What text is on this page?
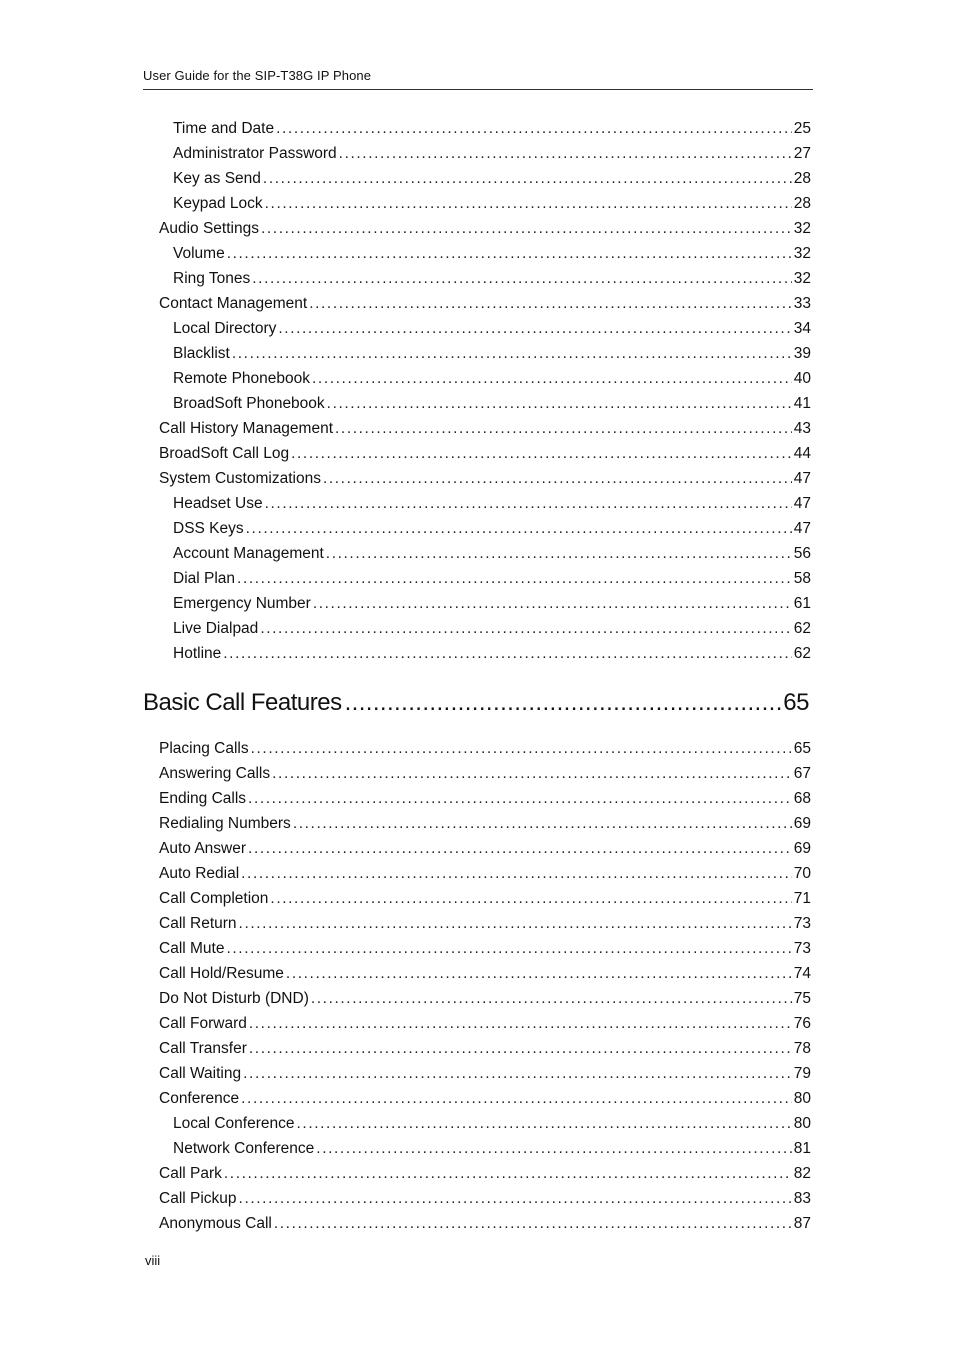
User Guide for the SIP-T38G IP Phone
Time and Date .....	25
Administrator Password .....	27
Key as Send .....	28
Keypad Lock .....	28
Audio Settings .....	32
Volume .....	32
Ring Tones .....	32
Contact Management .....	33
Local Directory .....	34
Blacklist .....	39
Remote Phonebook .....	40
BroadSoft Phonebook .....	41
Call History Management .....	43
BroadSoft Call Log .....	44
System Customizations .....	47
Headset Use .....	47
DSS Keys .....	47
Account Management .....	56
Dial Plan .....	58
Emergency Number .....	61
Live Dialpad .....	62
Hotline .....	62
Basic Call Features .....	65
Placing Calls .....	65
Answering Calls .....	67
Ending Calls .....	68
Redialing Numbers .....	69
Auto Answer .....	69
Auto Redial .....	70
Call Completion .....	71
Call Return .....	73
Call Mute .....	73
Call Hold/Resume .....	74
Do Not Disturb (DND) .....	75
Call Forward .....	76
Call Transfer .....	78
Call Waiting .....	79
Conference .....	80
Local Conference .....	80
Network Conference .....	81
Call Park .....	82
Call Pickup .....	83
Anonymous Call .....	87
viii
